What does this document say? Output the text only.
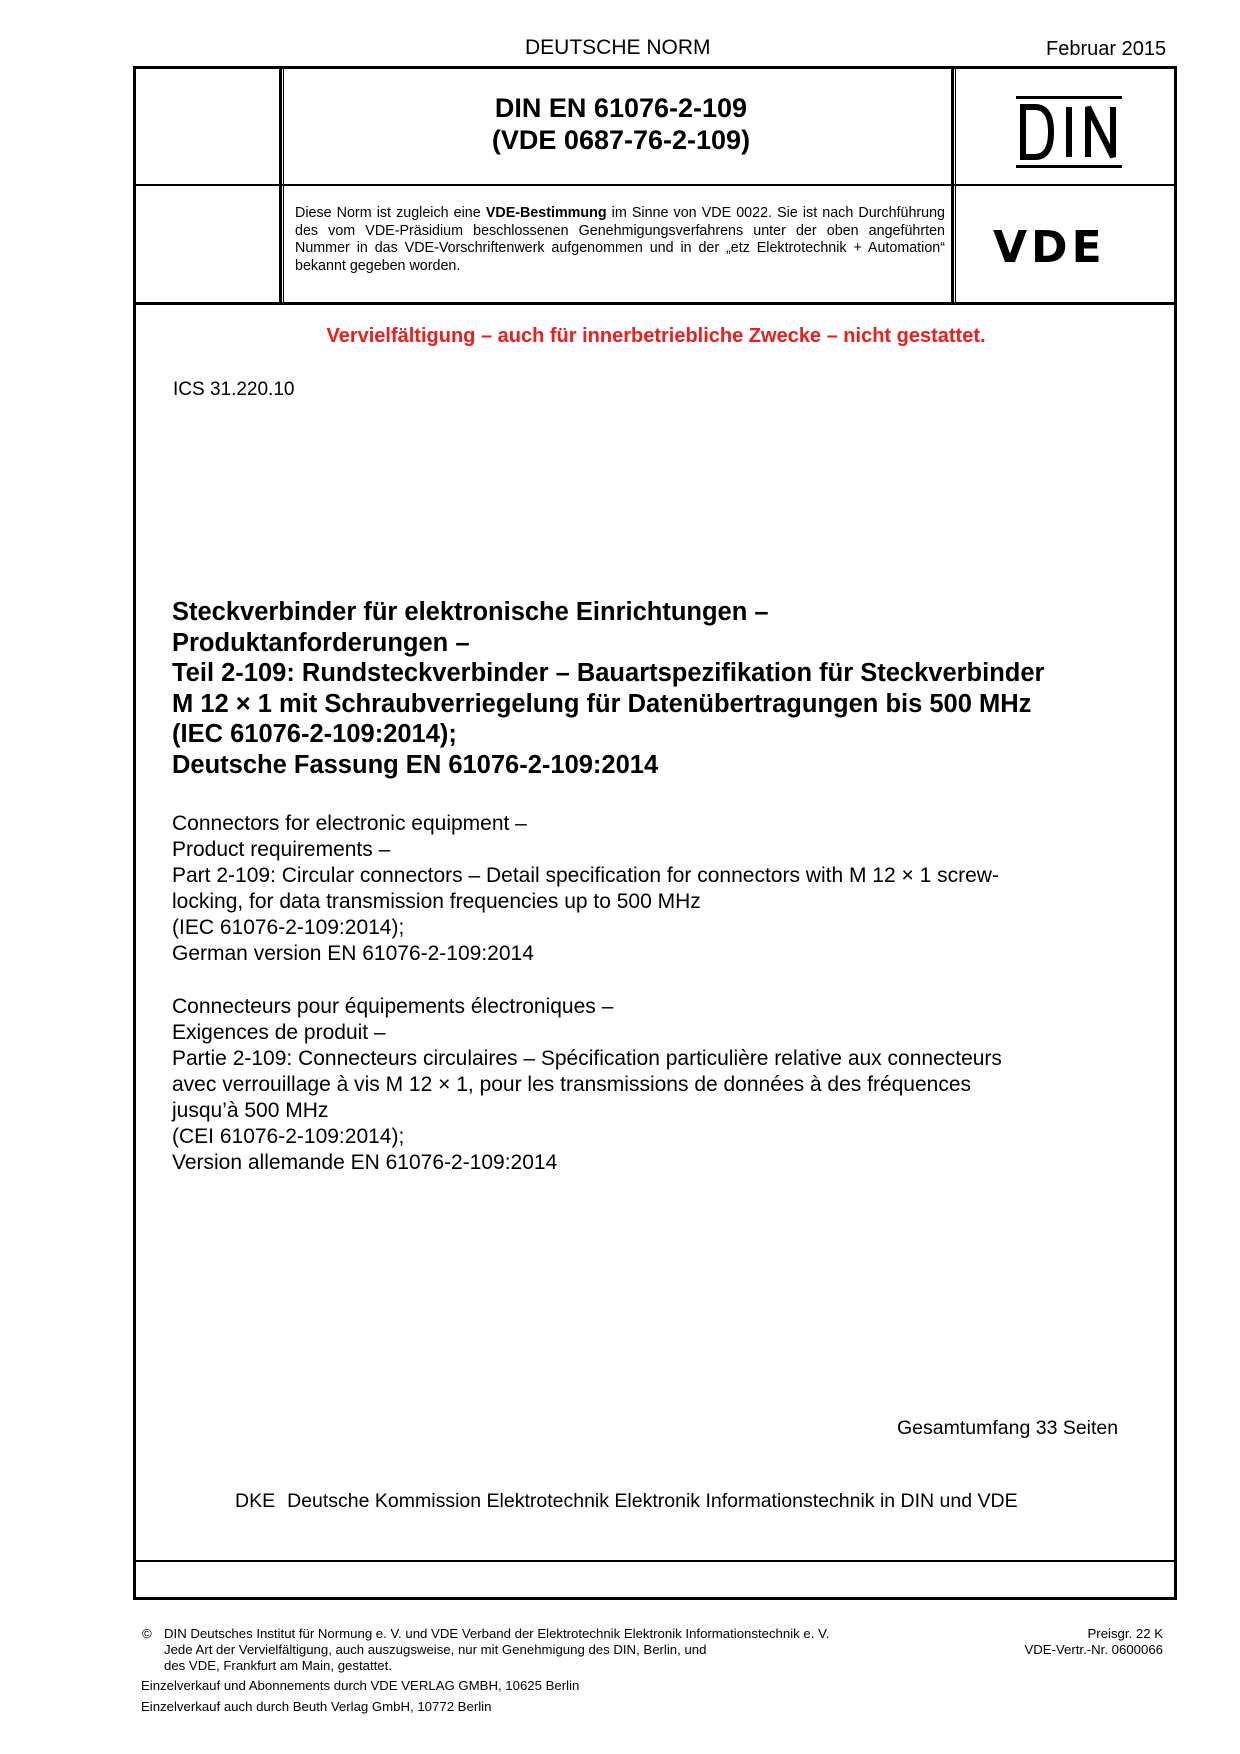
DEUTSCHE NORM	Februar 2015
DIN EN 61076-2-109
(VDE 0687-76-2-109)
Diese Norm ist zugleich eine VDE-Bestimmung im Sinne von VDE 0022. Sie ist nach Durchführung des vom VDE-Präsidium beschlossenen Genehmigungsverfahrens unter der oben angeführten Nummer in das VDE-Vorschriftenwerk aufgenommen und in der „etz Elektrotechnik + Automation“ bekannt gegeben worden.	VDE
Vervielfältigung – auch für innerbetriebliche Zwecke – nicht gestattet.
ICS 31.220.10
Steckverbinder für elektronische Einrichtungen –
Produktanforderungen –
Teil 2-109: Rundsteckverbinder – Bauartspezifikation für Steckverbinder
M 12 × 1 mit Schraubverriegelung für Datenübertragungen bis 500 MHz
(IEC 61076-2-109:2014);
Deutsche Fassung EN 61076-2-109:2014
Connectors for electronic equipment –
Product requirements –
Part 2-109: Circular connectors – Detail specification for connectors with M 12 × 1 screw-
locking, for data transmission frequencies up to 500 MHz
(IEC 61076-2-109:2014);
German version EN 61076-2-109:2014
Connecteurs pour équipements électroniques –
Exigences de produit –
Partie 2-109: Connecteurs circulaires – Spécification particulière relative aux connecteurs
avec verrouillage à vis M 12 × 1, pour les transmissions de données à des fréquences
jusqu’à 500 MHz
(CEI 61076-2-109:2014);
Version allemande EN 61076-2-109:2014
Gesamtumfang 33 Seiten
DKE Deutsche Kommission Elektrotechnik Elektronik Informationstechnik in DIN und VDE
© DIN Deutsches Institut für Normung e. V. und VDE Verband der Elektrotechnik Elektronik Informationstechnik e. V.
Jede Art der Vervielfältigung, auch auszugsweise, nur mit Genehmigung des DIN, Berlin, und
des VDE, Frankfurt am Main, gestattet.
Preisgr. 22 K
VDE-Vertr.-Nr. 0600066
Einzelverkauf und Abonnements durch VDE VERLAG GMBH, 10625 Berlin
Einzelverkauf auch durch Beuth Verlag GmbH, 10772 Berlin
